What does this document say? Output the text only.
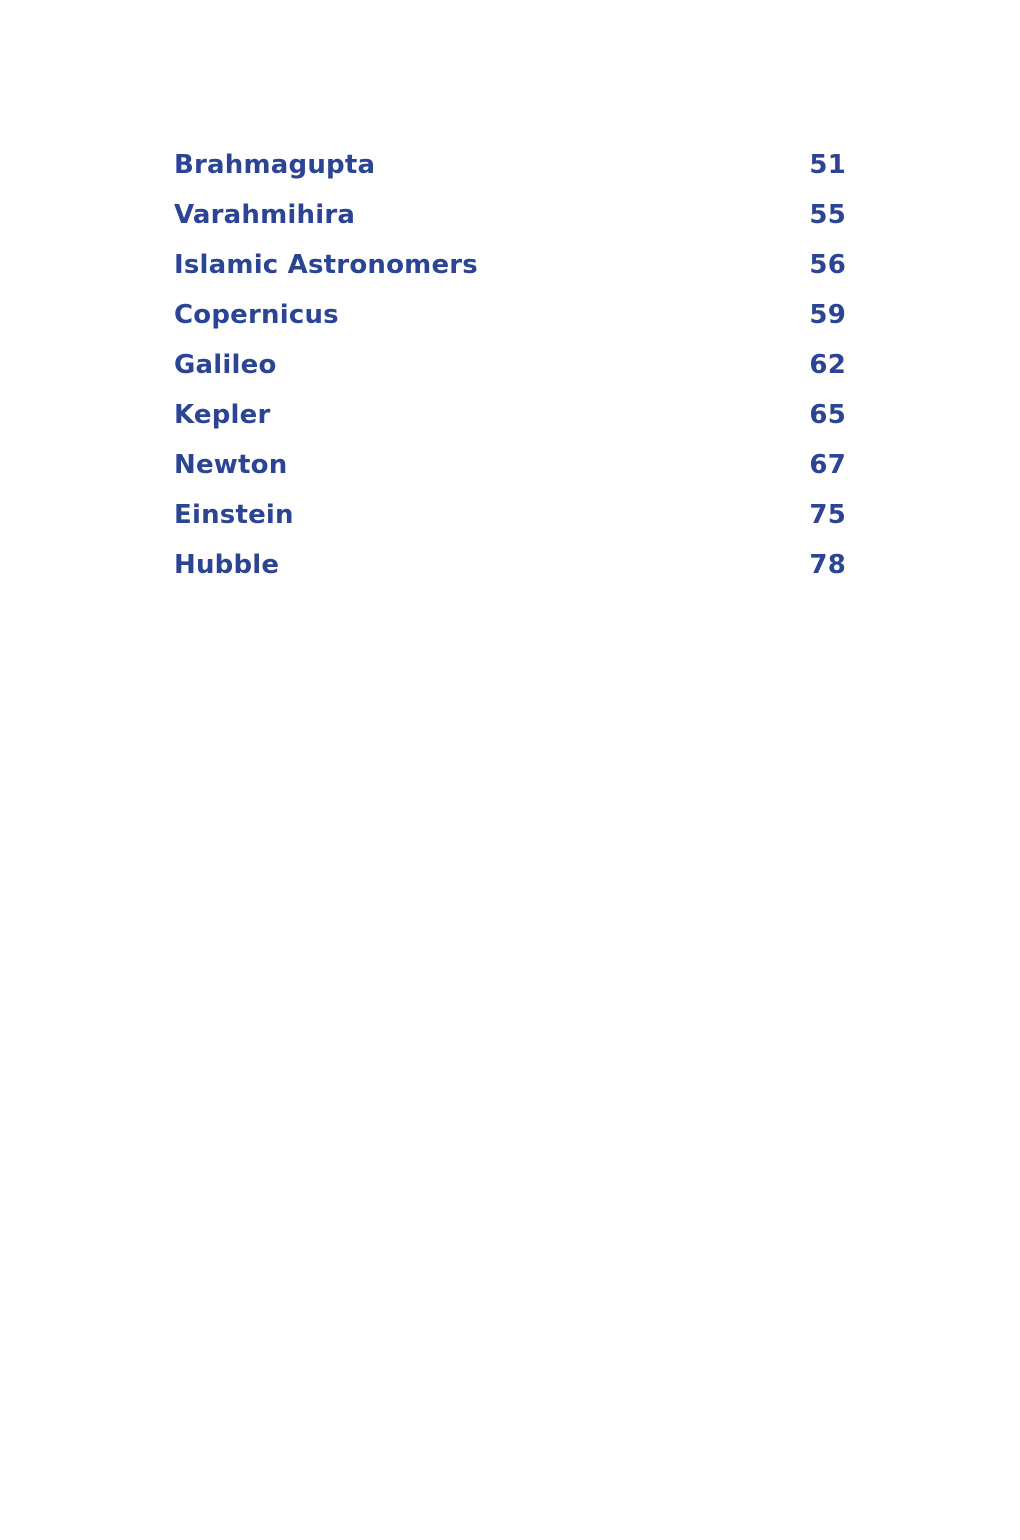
Brahmagupta	51
Varahmihira	55
Islamic Astronomers	56
Copernicus	59
Galileo	62
Kepler	65
Newton	67
Einstein	75
Hubble	78
